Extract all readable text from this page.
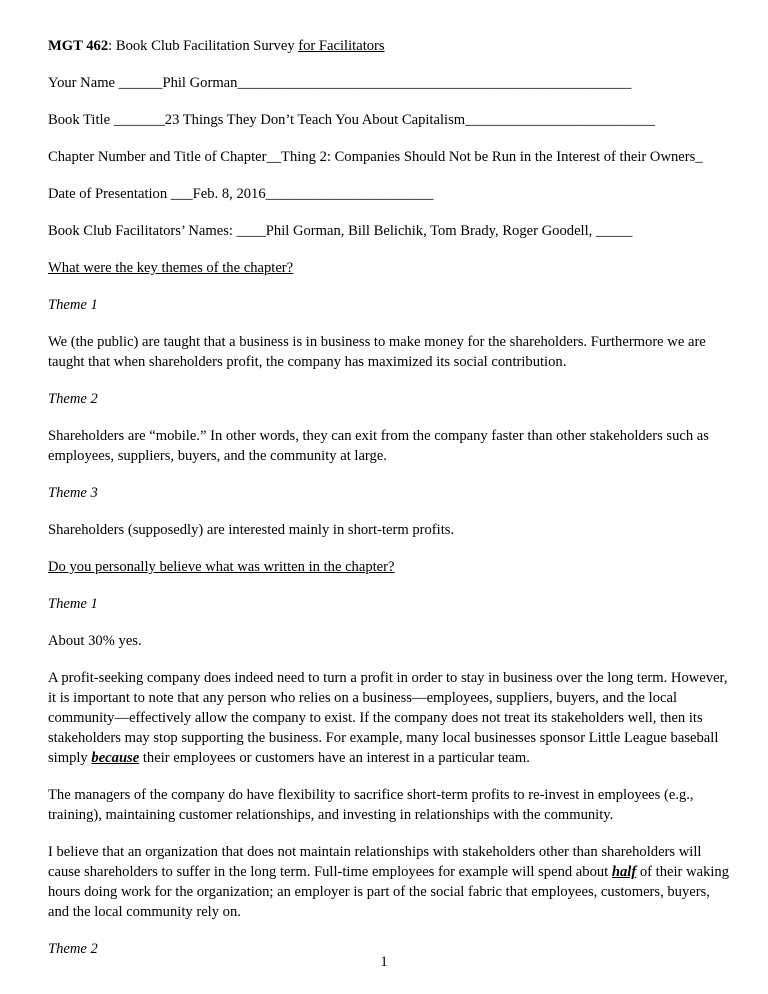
MGT 462: Book Club Facilitation Survey for Facilitators

Your Name ______Phil Gorman______________________________________________________

Book Title _______23 Things They Don’t Teach You About Capitalism__________________________

Chapter Number and Title of Chapter__Thing 2: Companies Should Not be Run in the Interest of their Owners_

Date of Presentation ___Feb. 8, 2016_______________________

Book Club Facilitators’ Names: ____Phil Gorman, Bill Belichik, Tom Brady, Roger Goodell, _____

What were the key themes of the chapter?

Theme 1

We (the public) are taught that a business is in business to make money for the shareholders. Furthermore we are taught that when shareholders profit, the company has maximized its social contribution.

Theme 2

Shareholders are “mobile.” In other words, they can exit from the company faster than other stakeholders such as employees, suppliers, buyers, and the community at large.

Theme 3

Shareholders (supposedly) are interested mainly in short-term profits.

Do you personally believe what was written in the chapter?

Theme 1

About 30% yes.

A profit-seeking company does indeed need to turn a profit in order to stay in business over the long term. However, it is important to note that any person who relies on a business—employees, suppliers, buyers, and the local community—effectively allow the company to exist. If the company does not treat its stakeholders well, then its stakeholders may stop supporting the business. For example, many local businesses sponsor Little League baseball simply because their employees or customers have an interest in a particular team.

The managers of the company do have flexibility to sacrifice short-term profits to re-invest in employees (e.g., training), maintaining customer relationships, and investing in relationships with the community.

I believe that an organization that does not maintain relationships with stakeholders other than shareholders will cause shareholders to suffer in the long term. Full-time employees for example will spend about half of their waking hours doing work for the organization; an employer is part of the social fabric that employees, customers, buyers, and the local community rely on.

Theme 2

1
